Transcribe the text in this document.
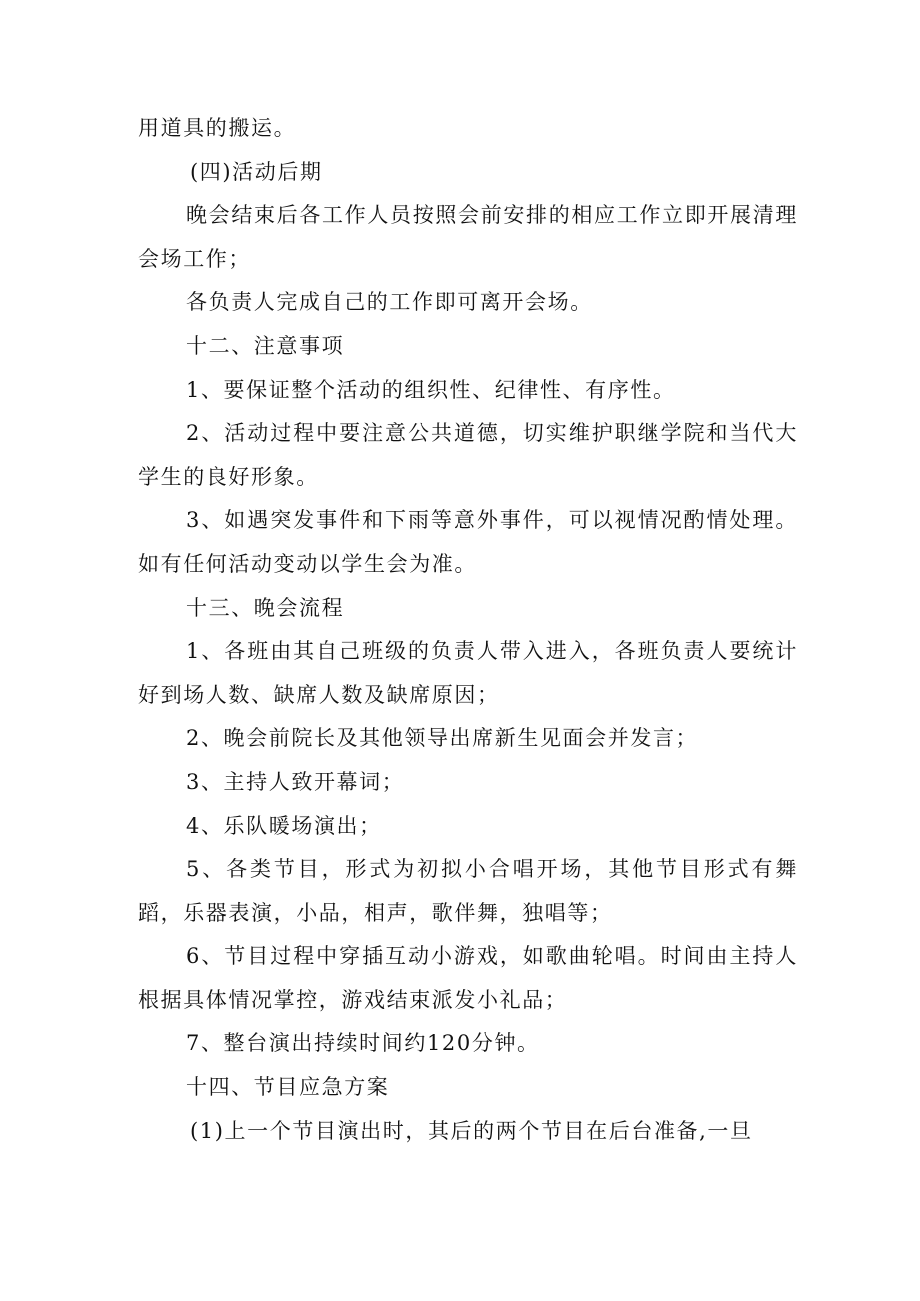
用道具的搬运。

(四)活动后期

晚会结束后各工作人员按照会前安排的相应工作立即开展清理会场工作；

各负责人完成自己的工作即可离开会场。

十二、注意事项

1、要保证整个活动的组织性、纪律性、有序性。

2、活动过程中要注意公共道德，切实维护职继学院和当代大学生的良好形象。

3、如遇突发事件和下雨等意外事件，可以视情况酌情处理。如有任何活动变动以学生会为准。

十三、晚会流程

1、各班由其自己班级的负责人带入进入，各班负责人要统计好到场人数、缺席人数及缺席原因；

2、晚会前院长及其他领导出席新生见面会并发言；

3、主持人致开幕词；

4、乐队暖场演出；

5、各类节目，形式为初拟小合唱开场，其他节目形式有舞蹈，乐器表演，小品，相声，歌伴舞，独唱等；

6、节目过程中穿插互动小游戏，如歌曲轮唱。时间由主持人根据具体情况掌控，游戏结束派发小礼品；

7、整台演出持续时间约120分钟。

十四、节目应急方案

(1)上一个节目演出时，其后的两个节目在后台准备,一旦
